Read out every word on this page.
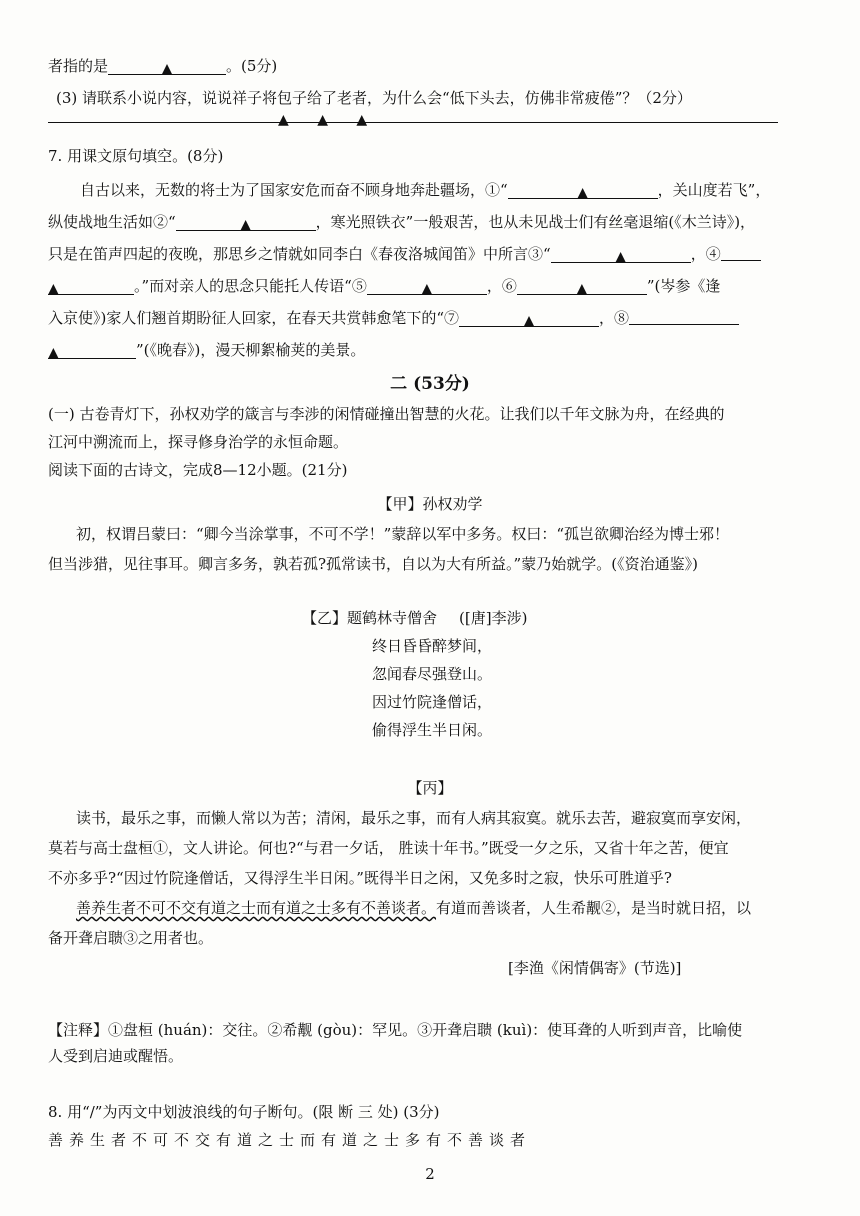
者指的是	▲	。(5分)
(3) 请联系小说内容，说说祥子将包子给了老者，为什么会“低下头去，仿佛非常疲倦”？（2分）
▲ ▲ ▲
7. 用课文原句填空。(8分)
自古以来，无数的将士为了国家安危而奋不顾身地奔赴疆场，①“	▲	，关山度若飞”，
纵使战地生活如②“	▲	，寒光照铁衣”一般艰苦，也从未见战士们有丝毫退缩(《木兰诗》)，
只是在笛声四起的夜晚，那思乡之情就如同李白《春夜洛城闻笛》中所言③“	▲	，④
▲	。”而对亲人的思念只能托人传语“⑤	▲	，⑥	▲	”(岑参《逢
入京使》)家人们翘首期盼征人回家，在春天共赏韩愈笔下的“⑦	▲	，⑧
▲	”(《晚春》)，漫天柳絮榆荚的美景。
二 (53分)
(一) 古卷青灯下，孙权劝学的箴言与李涉的闲情碰撞出智慧的火花。让我们以千年文脉为舟，在经典的
江河中溯流而上，探寻修身治学的永恒命题。
阅读下面的古诗文，完成8—12小题。(21分)
【甲】孙权劝学
初，权谓吕蒙曰：“卿今当涂掌事，不可不学！”蒙辞以军中多务。权曰：“孤岂欲卿治经为博士邪！
但当涉猎，见往事耳。卿言多务，孰若孤?孤常读书，自以为大有所益。”蒙乃始就学。(《资治通鉴》)
【乙】题鹤林寺僧舍 ([唐]李涉)
终日昏昏醉梦间，
忽闻春尽强登山。
因过竹院逢僧话，
偷得浮生半日闲。
【丙】
读书，最乐之事，而懒人常以为苦；清闲，最乐之事，而有人病其寂寞。就乐去苦，避寂寞而享安闲，
莫若与高士盘桓①，文人讲论。何也?“与君一夕话， 胜读十年书。”既受一夕之乐，又省十年之苦，便宜
不亦多乎?“因过竹院逢僧话，又得浮生半日闲。”既得半日之闲，又免多时之寂，快乐可胜道乎?
善养生者不可不交有道之士而有道之士多有不善谈者。有道而善谈者，人生希觏②，是当时就日招，以
备开聋启聩③之用者也。
[李渔《闲情偶寄》(节选)]
【注释】①盘桓 (huán)：交往。②希觏 (gòu)：罕见。③开聋启聩 (kuì)：使耳聋的人听到声音，比喻使
人受到启迪或醒悟。
8. 用“/”为丙文中划波浪线的句子断句。(限 断 三 处) (3分)
善养生者不可不交有道之士而有道之士多有不善谈者
2
